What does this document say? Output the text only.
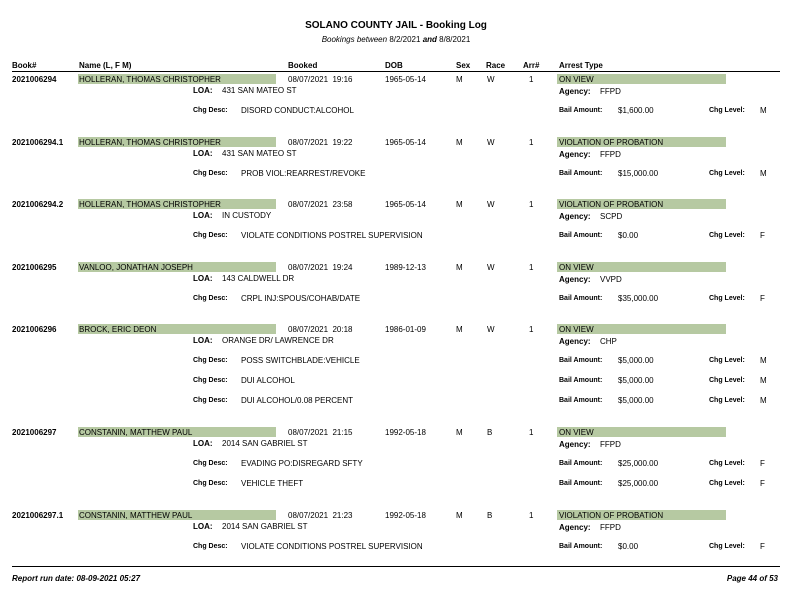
SOLANO COUNTY JAIL - Booking Log
Bookings between 8/2/2021 and 8/8/2021
Book#	Name (L, F M)	Booked	DOB	Sex Race Arr# Arrest Type
2021006294	HOLLERAN, THOMAS CHRISTOPHER	08/07/2021  19:16	1965-05-14	M	W	1	ON VIEW
LOA: 431 SAN MATEO ST	Agency: FFPD
Chg Desc: DISORD CONDUCT:ALCOHOL	Bail Amount: $1,600.00	Chg Level: M
2021006294.1 HOLLERAN, THOMAS CHRISTOPHER	08/07/2021  19:22	1965-05-14	M	W	1	VIOLATION OF PROBATION
LOA: 431 SAN MATEO ST	Agency: FFPD
Chg Desc: PROB VIOL:REARREST/REVOKE	Bail Amount: $15,000.00	Chg Level: M
2021006294.2 HOLLERAN, THOMAS CHRISTOPHER	08/07/2021  23:58	1965-05-14	M	W	1	VIOLATION OF PROBATION
LOA: IN CUSTODY	Agency: SCPD
Chg Desc: VIOLATE CONDITIONS POSTREL SUPERVISION	Bail Amount: $0.00	Chg Level: F
2021006295	VANLOO, JONATHAN JOSEPH	08/07/2021  19:24	1989-12-13	M	W	1	ON VIEW
LOA: 143 CALDWELL DR	Agency: VVPD
Chg Desc: CRPL INJ:SPOUS/COHAB/DATE	Bail Amount: $35,000.00	Chg Level: F
2021006296	BROCK, ERIC DEON	08/07/2021  20:18	1986-01-09	M	W	1	ON VIEW
LOA: ORANGE DR/ LAWRENCE DR	Agency: CHP
Chg Desc: POSS SWITCHBLADE:VEHICLE	Bail Amount: $5,000.00	Chg Level: M
Chg Desc: DUI ALCOHOL	Bail Amount: $5,000.00	Chg Level: M
Chg Desc: DUI ALCOHOL/0.08 PERCENT	Bail Amount: $5,000.00	Chg Level: M
2021006297	CONSTANIN, MATTHEW PAUL	08/07/2021  21:15	1992-05-18	M	B	1	ON VIEW
LOA: 2014 SAN GABRIEL ST	Agency: FFPD
Chg Desc: EVADING PO:DISREGARD SFTY	Bail Amount: $25,000.00	Chg Level: F
Chg Desc: VEHICLE THEFT	Bail Amount: $25,000.00	Chg Level: F
2021006297.1 CONSTANIN, MATTHEW PAUL	08/07/2021  21:23	1992-05-18	M	B	1	VIOLATION OF PROBATION
LOA: 2014 SAN GABRIEL ST	Agency: FFPD
Chg Desc: VIOLATE CONDITIONS POSTREL SUPERVISION	Bail Amount: $0.00	Chg Level: F
Report run date: 08-09-2021 05:27	Page 44 of 53
